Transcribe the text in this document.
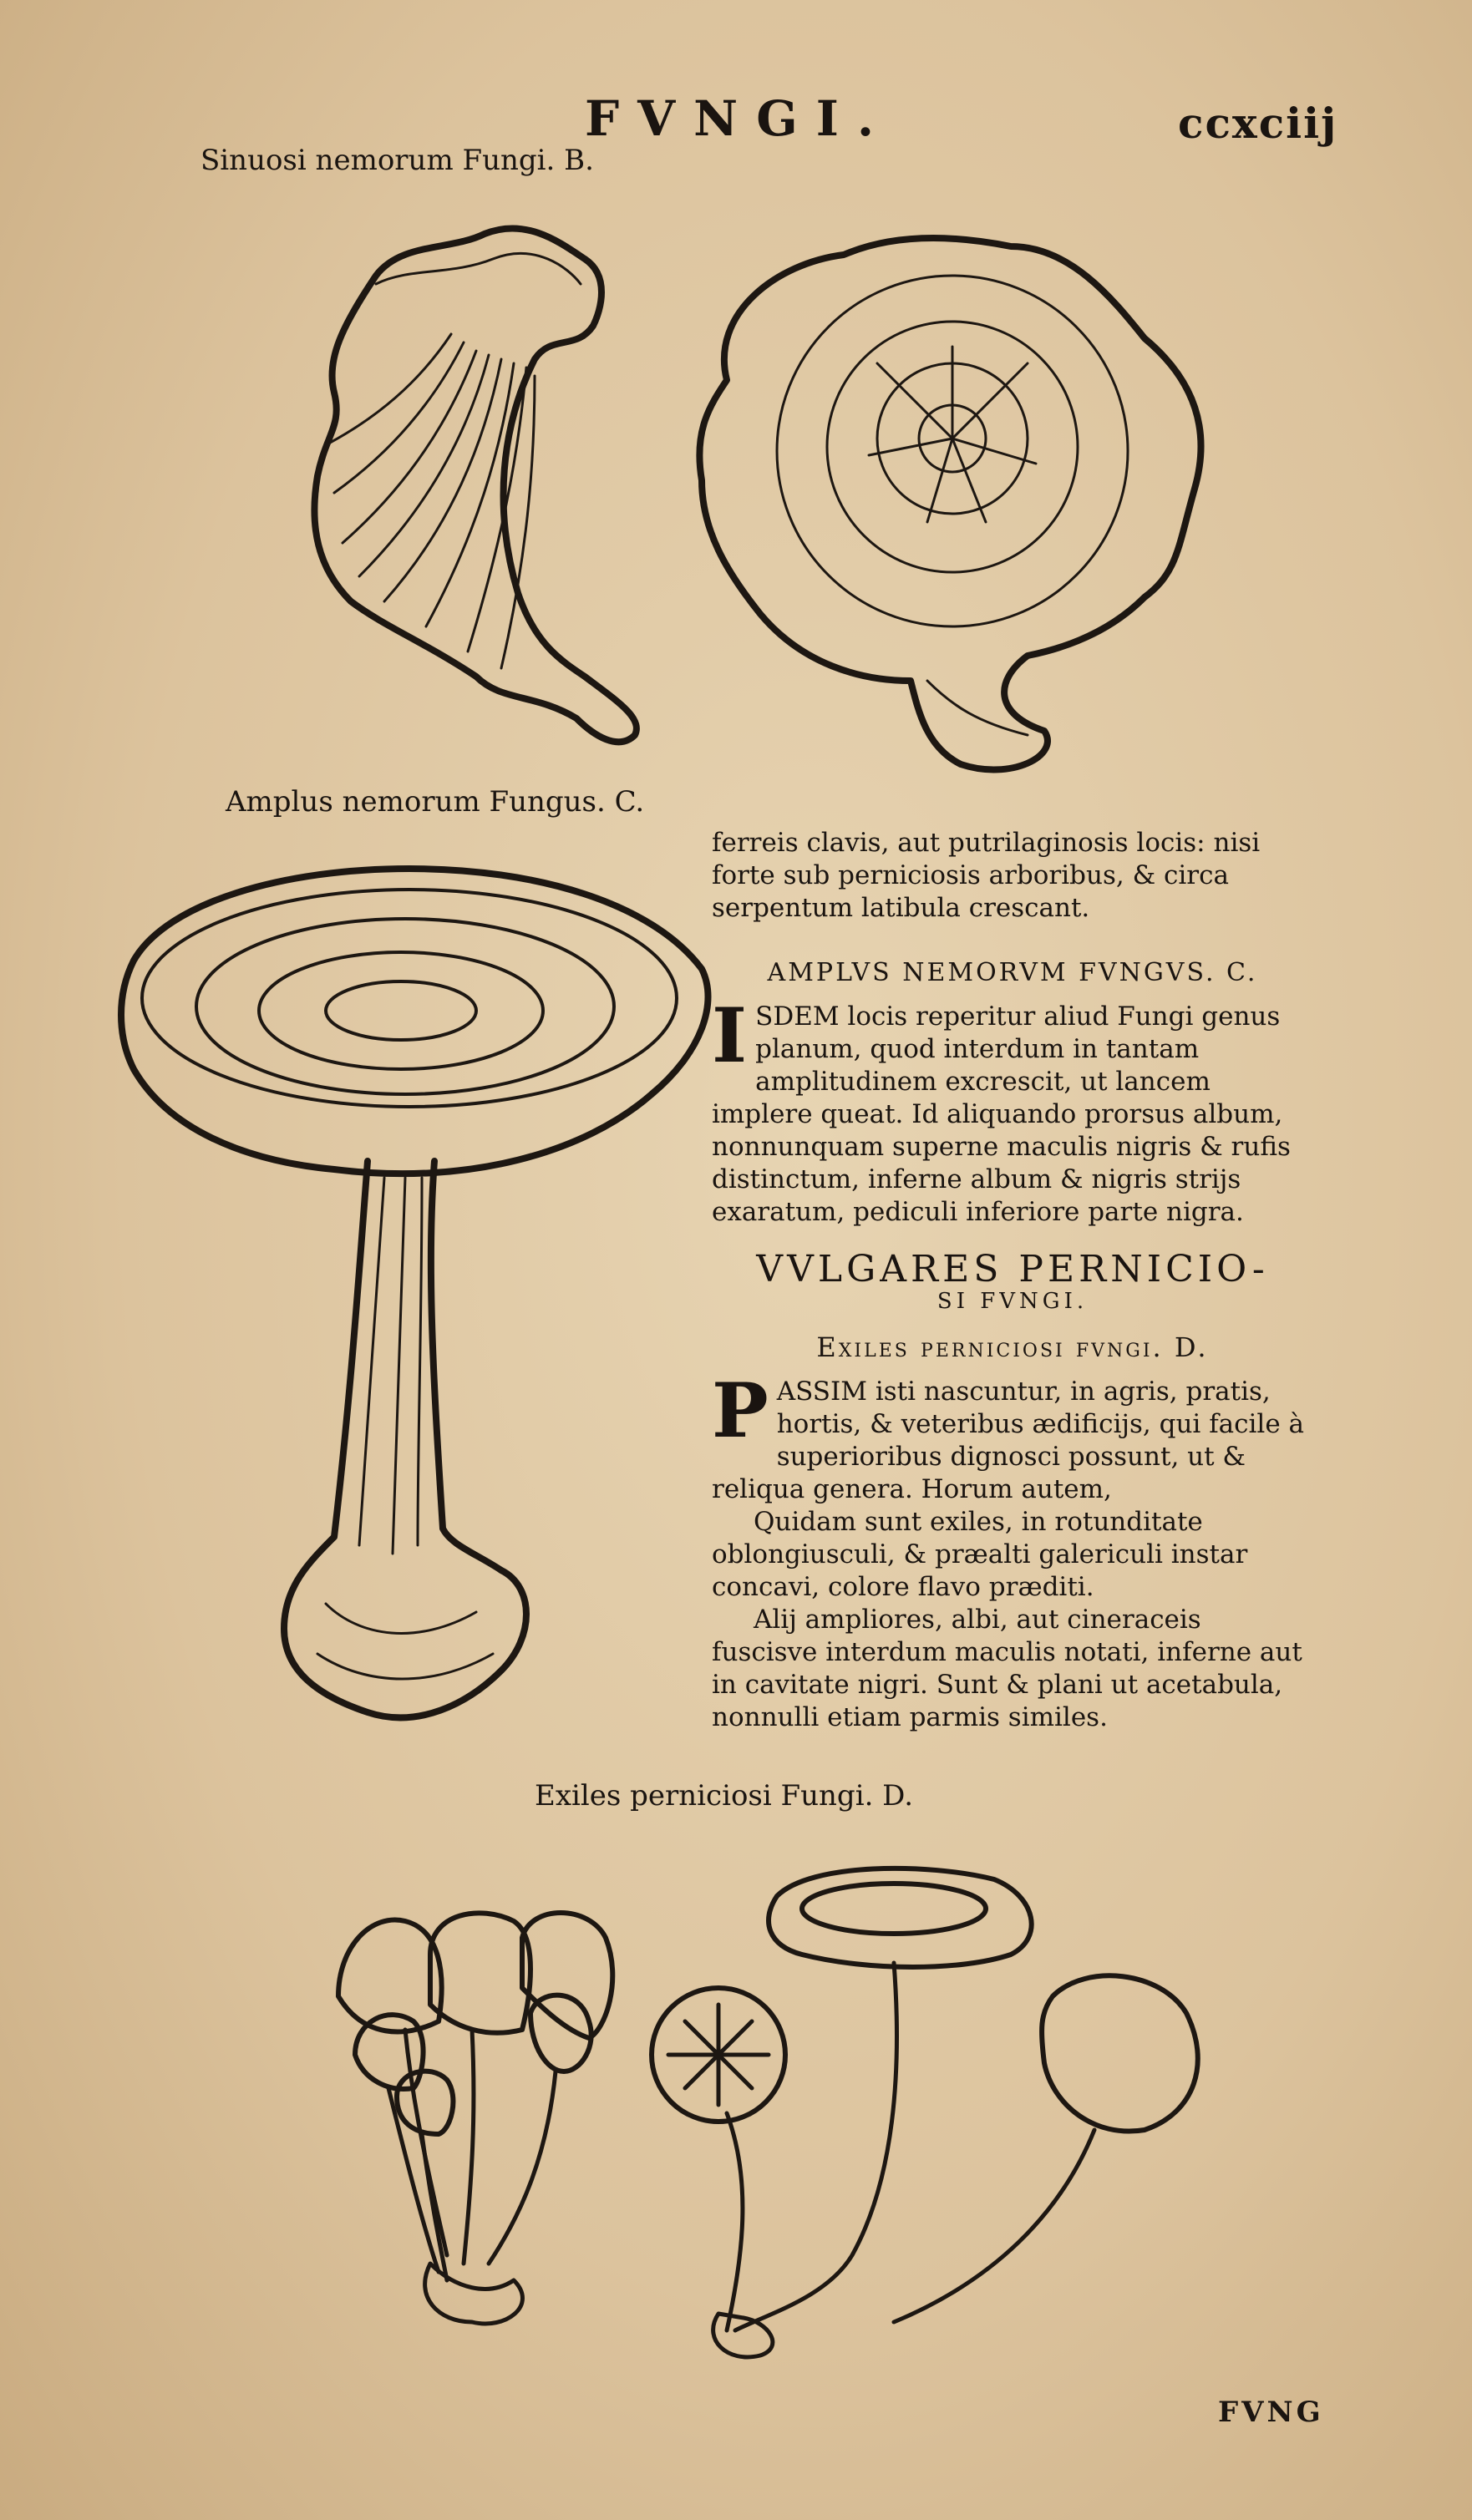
FVNGI.	ccxciij
Sinuosi nemorum Fungi. B.
Amplus nemorum Fungus. C.

ferreis clavis, aut putrilaginosis locis: nisi forte sub perniciosis arboribus, & circa serpentum latibula crescant.

AMPLVS NEMORVM FVNGVS. C.

I SDEM locis reperitur aliud Fungi genus planum, quod interdum in tantam amplitudinem excrescit, ut lancem implere queat. Id aliquando prorsus album, nonnunquam superne maculis nigris & rufis distinctum, inferne album & nigris strijs exaratum, pediculi inferiore parte nigra.

VVLGARES PERNICIO-
SI FVNGI.
Exiles perniciosi fvngi. D.

P ASSIM isti nascuntur, in agris, pratis, hortis, & veteribus ædificijs, qui facile à superioribus dignosci possunt, ut & reliqua genera. Horum autem,

Quidam sunt exiles, in rotunditate oblongiusculi, & præalti galericuli instar concavi, colore flavo præditi.

Alij ampliores, albi, aut cineraceis fuscisve interdum maculis notati, inferne aut in cavitate nigri. Sunt & plani ut acetabula, nonnulli etiam parmis similes.

Exiles perniciosi Fungi. D.
FVNG
